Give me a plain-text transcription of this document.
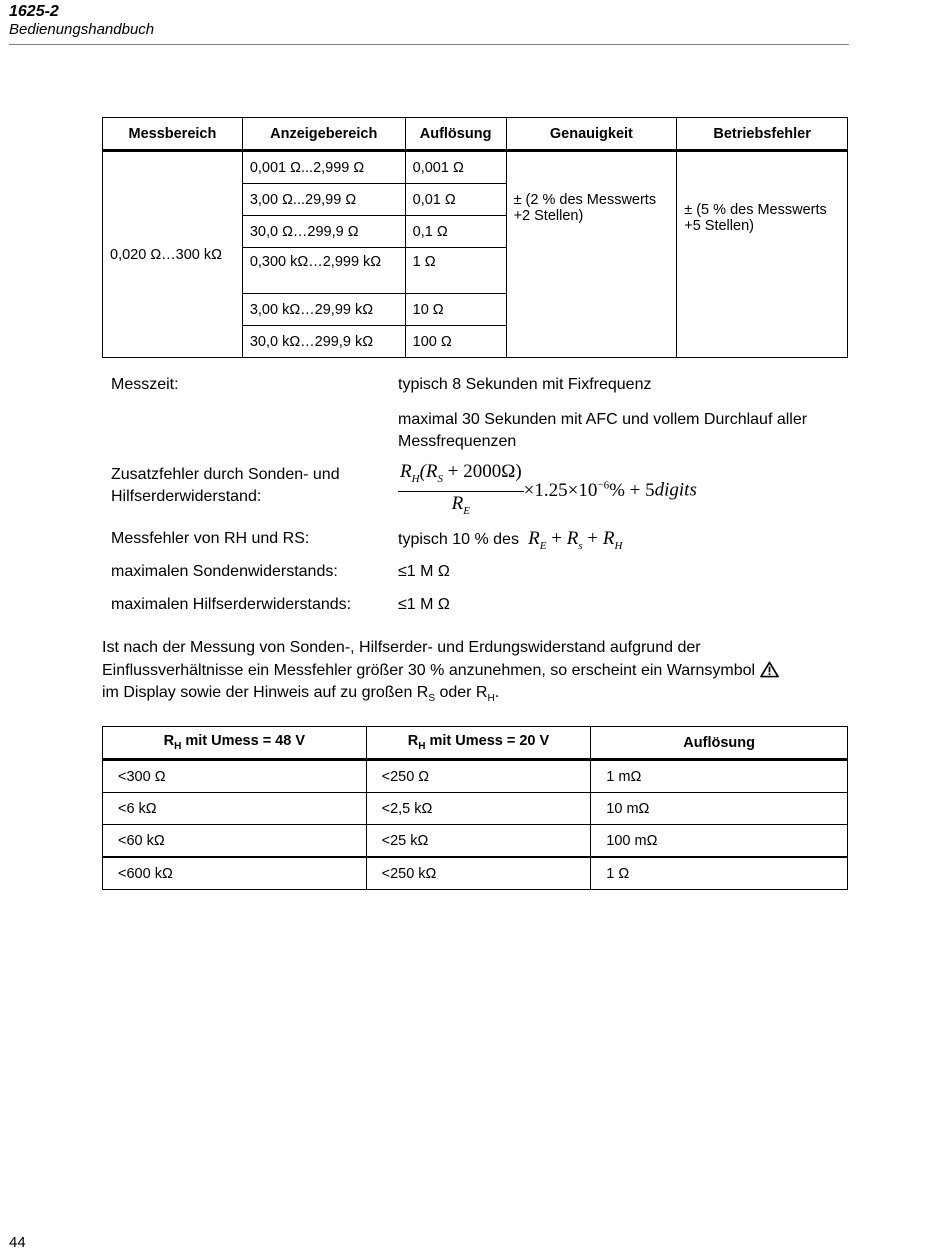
1625-2
Bedienungshandbuch
Messbereich	Anzeigebereich	Auflösung	Genauigkeit	Betriebsfehler
0,020 Ω…300 kΩ	0,001 Ω...2,999 Ω	0,001 Ω	± (2 % des Messwerts +2 Stellen)	± (5 % des Messwerts +5 Stellen)
	3,00 Ω...29,99 Ω	0,01 Ω		
	30,0 Ω…299,9 Ω	0,1 Ω		
	0,300 kΩ…2,999 kΩ	1 Ω		
	3,00 kΩ…29,99 kΩ	10 Ω		
	30,0 kΩ…299,9 kΩ	100 Ω		
Messzeit:	typisch 8 Sekunden mit Fixfrequenz
maximal 30 Sekunden mit AFC und vollem Durchlauf aller Messfrequenzen
Zusatzfehler durch Sonden- und Hilfserderwiderstand:	$\frac{R_H(R_S + 2000\Omega)}{R_E} \times 1.25\times 10^{-6}\%$ + 5digits
Messfehler von RH und RS:	typisch 10 % des  $R_E + R_s + R_H$
maximalen Sondenwiderstands:	≤1 M Ω
maximalen Hilfserderwiderstands:	≤1 M Ω
Ist nach der Messung von Sonden-, Hilfserder- und Erdungswiderstand aufgrund der Einflussverhältnisse ein Messfehler größer 30 % anzunehmen, so erscheint ein Warnsymbol
im Display sowie der Hinweis auf zu großen $R_S$ oder $R_H$.
$R_H$ mit Umess = 48 V	$R_H$ mit Umess = 20 V	Auflösung
<300 Ω	<250 Ω	1 mΩ
<6 kΩ	<2,5 kΩ	10 mΩ
<60 kΩ	<25 kΩ	100 mΩ
<600 kΩ	<250 kΩ	1 Ω
44
